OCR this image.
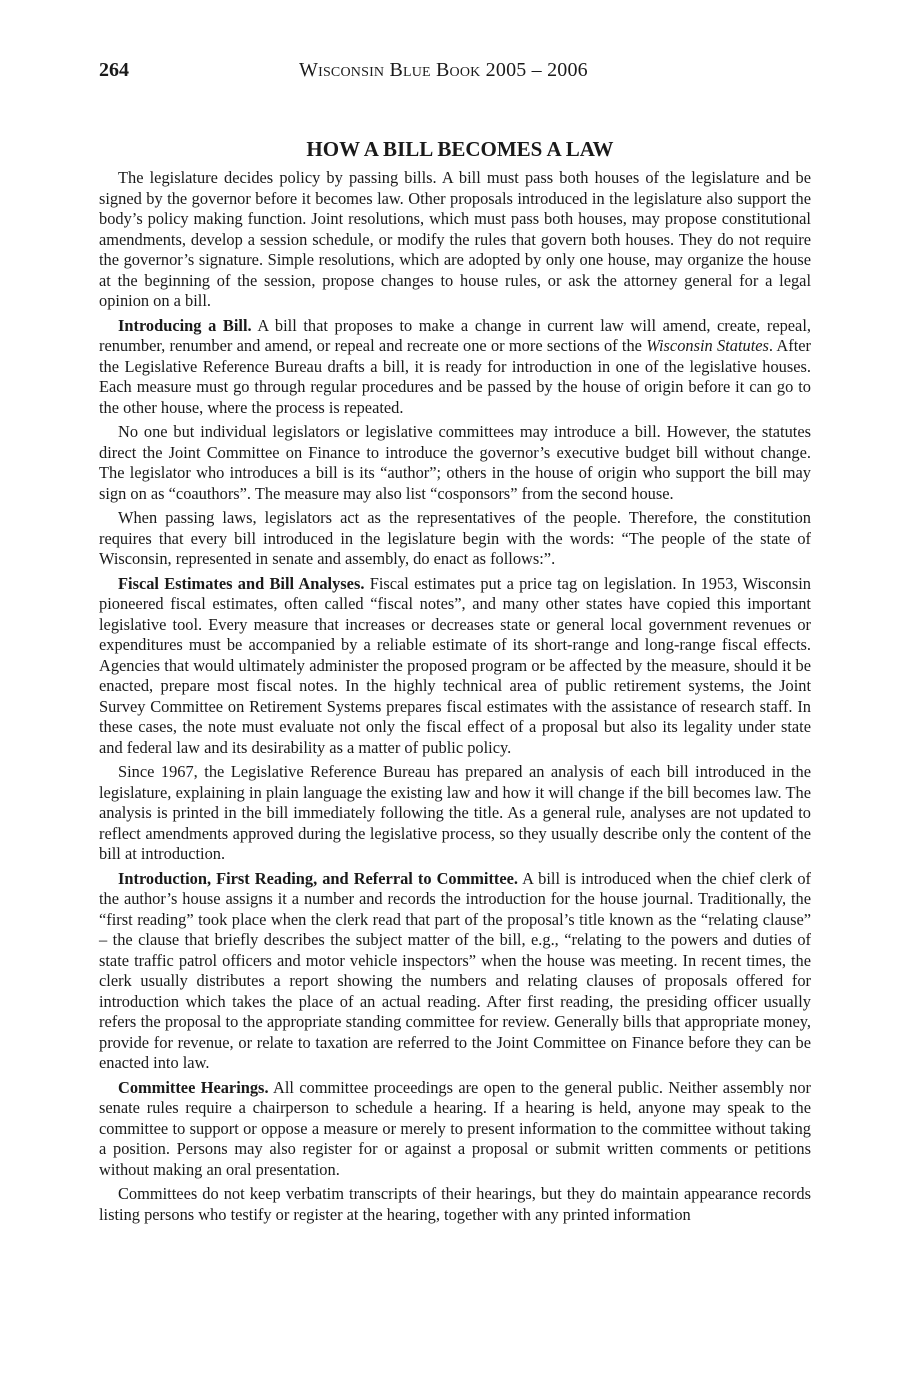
264	Wisconsin Blue Book 2005 – 2006
HOW A BILL BECOMES A LAW

The legislature decides policy by passing bills. A bill must pass both houses of the legislature and be signed by the governor before it becomes law. Other proposals introduced in the legislature also support the body’s policy making function. Joint resolutions, which must pass both houses, may propose constitutional amendments, develop a session schedule, or modify the rules that govern both houses. They do not require the governor’s signature. Simple resolutions, which are adopted by only one house, may organize the house at the beginning of the session, propose changes to house rules, or ask the attorney general for a legal opinion on a bill.

Introducing a Bill. A bill that proposes to make a change in current law will amend, create, repeal, renumber, renumber and amend, or repeal and recreate one or more sections of the Wisconsin Statutes. After the Legislative Reference Bureau drafts a bill, it is ready for introduction in one of the legislative houses. Each measure must go through regular procedures and be passed by the house of origin before it can go to the other house, where the process is repeated.

No one but individual legislators or legislative committees may introduce a bill. However, the statutes direct the Joint Committee on Finance to introduce the governor’s executive budget bill without change. The legislator who introduces a bill is its “author”; others in the house of origin who support the bill may sign on as “coauthors”. The measure may also list “cosponsors” from the second house.

When passing laws, legislators act as the representatives of the people. Therefore, the constitution requires that every bill introduced in the legislature begin with the words: “The people of the state of Wisconsin, represented in senate and assembly, do enact as follows:”.

Fiscal Estimates and Bill Analyses. Fiscal estimates put a price tag on legislation. In 1953, Wisconsin pioneered fiscal estimates, often called “fiscal notes”, and many other states have copied this important legislative tool. Every measure that increases or decreases state or general local government revenues or expenditures must be accompanied by a reliable estimate of its short-range and long-range fiscal effects. Agencies that would ultimately administer the proposed program or be affected by the measure, should it be enacted, prepare most fiscal notes. In the highly technical area of public retirement systems, the Joint Survey Committee on Retirement Systems prepares fiscal estimates with the assistance of research staff. In these cases, the note must evaluate not only the fiscal effect of a proposal but also its legality under state and federal law and its desirability as a matter of public policy.

Since 1967, the Legislative Reference Bureau has prepared an analysis of each bill introduced in the legislature, explaining in plain language the existing law and how it will change if the bill becomes law. The analysis is printed in the bill immediately following the title. As a general rule, analyses are not updated to reflect amendments approved during the legislative process, so they usually describe only the content of the bill at introduction.

Introduction, First Reading, and Referral to Committee. A bill is introduced when the chief clerk of the author’s house assigns it a number and records the introduction for the house journal. Traditionally, the “first reading” took place when the clerk read that part of the proposal’s title known as the “relating clause” – the clause that briefly describes the subject matter of the bill, e.g., “relating to the powers and duties of state traffic patrol officers and motor vehicle inspectors” when the house was meeting. In recent times, the clerk usually distributes a report showing the numbers and relating clauses of proposals offered for introduction which takes the place of an actual reading. After first reading, the presiding officer usually refers the proposal to the appropriate standing committee for review. Generally bills that appropriate money, provide for revenue, or relate to taxation are referred to the Joint Committee on Finance before they can be enacted into law.

Committee Hearings. All committee proceedings are open to the general public. Neither assembly nor senate rules require a chairperson to schedule a hearing. If a hearing is held, anyone may speak to the committee to support or oppose a measure or merely to present information to the committee without taking a position. Persons may also register for or against a proposal or submit written comments or petitions without making an oral presentation.

Committees do not keep verbatim transcripts of their hearings, but they do maintain appearance records listing persons who testify or register at the hearing, together with any printed information
